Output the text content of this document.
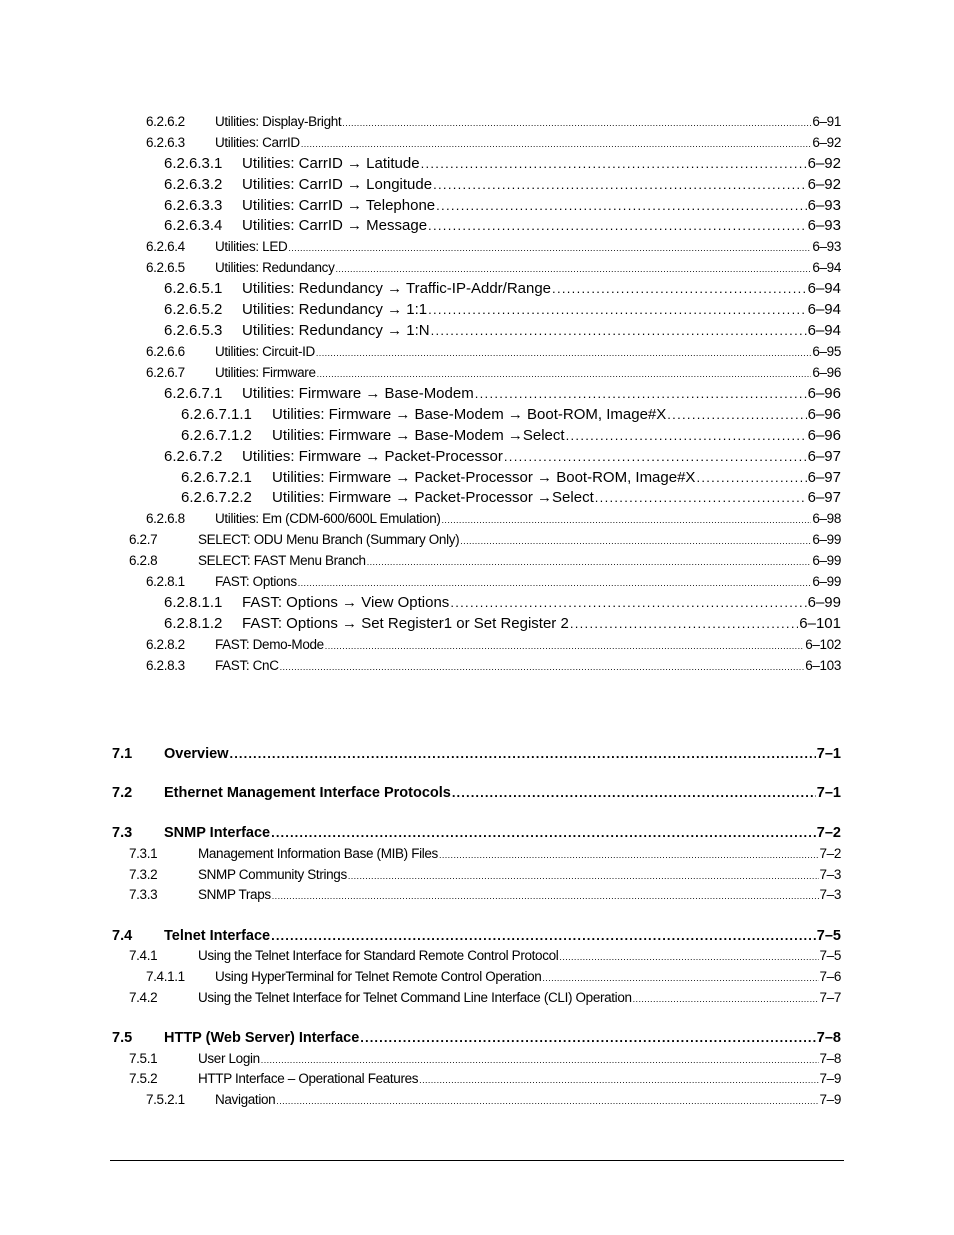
6.2.6.2	Utilities: Display-Bright .....	6–91
6.2.6.3	Utilities: CarrID .....	6–92
6.2.6.3.1	Utilities: CarrID → Latitude .....	6–92
6.2.6.3.2	Utilities: CarrID → Longitude .....	6–92
6.2.6.3.3	Utilities: CarrID → Telephone .....	6–93
6.2.6.3.4	Utilities: CarrID → Message .....	6–93
6.2.6.4	Utilities: LED .....	6–93
6.2.6.5	Utilities: Redundancy .....	6–94
6.2.6.5.1	Utilities: Redundancy → Traffic-IP-Addr/Range .....	6–94
6.2.6.5.2	Utilities: Redundancy → 1:1 .....	6–94
6.2.6.5.3	Utilities: Redundancy → 1:N .....	6–94
6.2.6.6	Utilities: Circuit-ID .....	6–95
6.2.6.7	Utilities: Firmware .....	6–96
6.2.6.7.1	Utilities: Firmware → Base-Modem .....	6–96
6.2.6.7.1.1	Utilities: Firmware → Base-Modem → Boot-ROM, Image#X .....	6–96
6.2.6.7.1.2	Utilities: Firmware → Base-Modem →Select .....	6–96
6.2.6.7.2	Utilities: Firmware → Packet-Processor .....	6–97
6.2.6.7.2.1	Utilities: Firmware → Packet-Processor → Boot-ROM, Image#X .....	6–97
6.2.6.7.2.2	Utilities: Firmware → Packet-Processor →Select .....	6–97
6.2.6.8	Utilities: Em (CDM-600/600L Emulation) .....	6–98
6.2.7	SELECT: ODU Menu Branch (Summary Only) .....	6–99
6.2.8	SELECT: FAST Menu Branch .....	6–99
6.2.8.1	FAST: Options .....	6–99
6.2.8.1.1	FAST: Options → View Options .....	6–99
6.2.8.1.2	FAST: Options → Set Register1 or Set Register 2 .....	6–101
6.2.8.2	FAST: Demo-Mode .....	6–102
6.2.8.3	FAST: CnC .....	6–103
7.1	Overview .....	7–1
7.2	Ethernet Management Interface Protocols .....	7–1
7.3	SNMP Interface .....	7–2
7.3.1	Management Information Base (MIB) Files .....	7–2
7.3.2	SNMP Community Strings .....	7–3
7.3.3	SNMP Traps .....	7–3
7.4	Telnet Interface .....	7–5
7.4.1	Using the Telnet Interface for Standard Remote Control Protocol .....	7–5
7.4.1.1	Using HyperTerminal for Telnet Remote Control Operation .....	7–6
7.4.2	Using the Telnet Interface for Telnet Command Line Interface (CLI) Operation .....	7–7
7.5	HTTP (Web Server) Interface .....	7–8
7.5.1	User Login .....	7–8
7.5.2	HTTP Interface – Operational Features .....	7–9
7.5.2.1	Navigation .....	7–9
